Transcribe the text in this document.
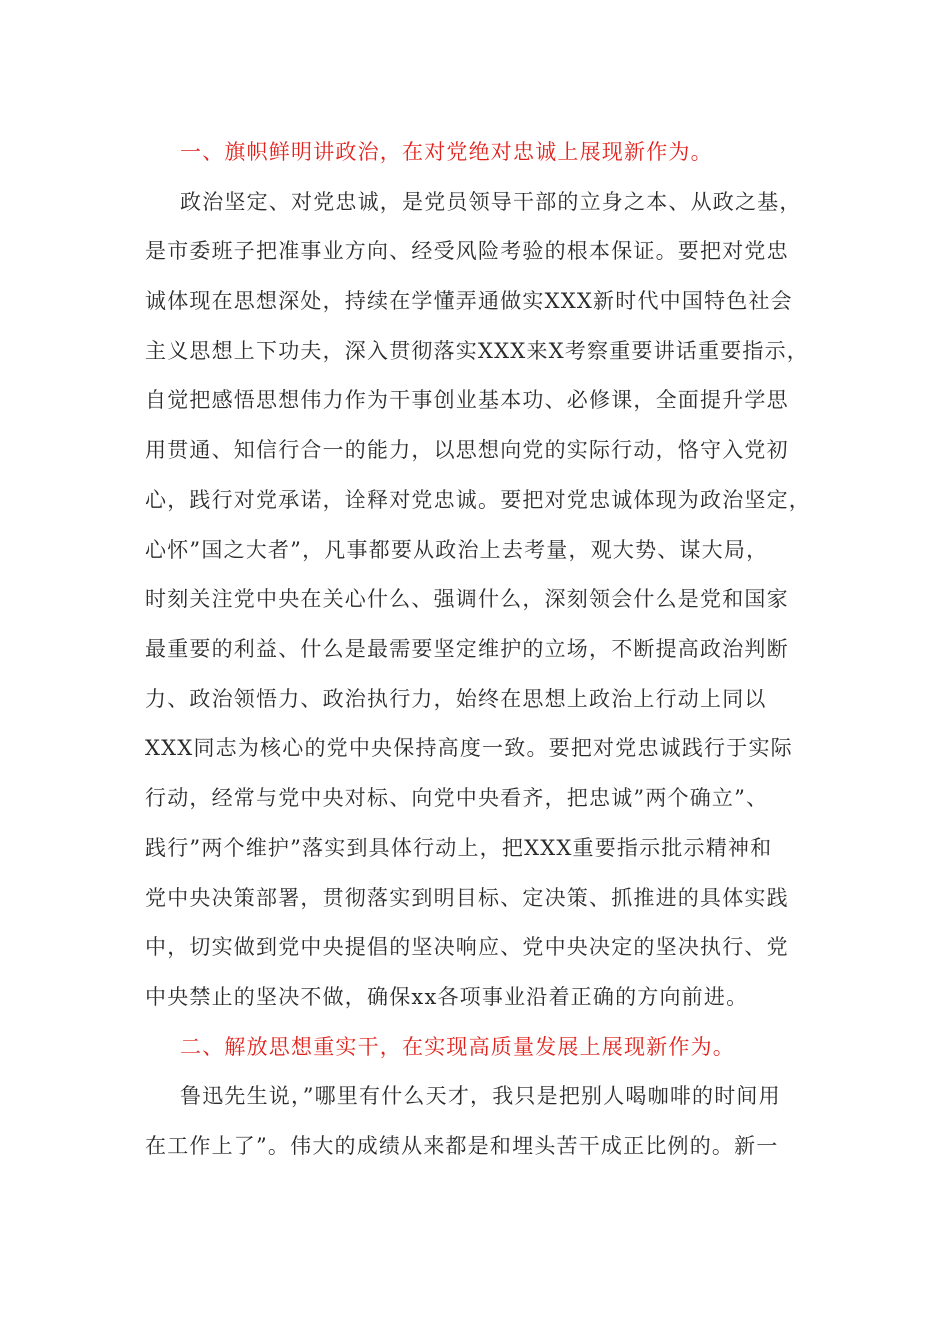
一、旗帜鲜明讲政治，在对党绝对忠诚上展现新作为。
政治坚定、对党忠诚，是党员领导干部的立身之本、从政之基，
是市委班子把准事业方向、经受风险考验的根本保证。要把对党忠
诚体现在思想深处，持续在学懂弄通做实XXX新时代中国特色社会
主义思想上下功夫，深入贯彻落实XXX来X考察重要讲话重要指示，
自觉把感悟思想伟力作为干事创业基本功、必修课，全面提升学思
用贯通、知信行合一的能力，以思想向党的实际行动，恪守入党初
心，践行对党承诺，诠释对党忠诚。要把对党忠诚体现为政治坚定，
心怀”国之大者”，凡事都要从政治上去考量，观大势、谋大局，
时刻关注党中央在关心什么、强调什么，深刻领会什么是党和国家
最重要的利益、什么是最需要坚定维护的立场，不断提高政治判断
力、政治领悟力、政治执行力，始终在思想上政治上行动上同以
XXX同志为核心的党中央保持高度一致。要把对党忠诚践行于实际
行动，经常与党中央对标、向党中央看齐，把忠诚”两个确立”、
践行”两个维护”落实到具体行动上，把XXX重要指示批示精神和
党中央决策部署，贯彻落实到明目标、定决策、抓推进的具体实践
中，切实做到党中央提倡的坚决响应、党中央决定的坚决执行、党
中央禁止的坚决不做，确保xx各项事业沿着正确的方向前进。
二、解放思想重实干，在实现高质量发展上展现新作为。
鲁迅先生说，”哪里有什么天才，我只是把别人喝咖啡的时间用
在工作上了”。伟大的成绩从来都是和埋头苦干成正比例的。新一
